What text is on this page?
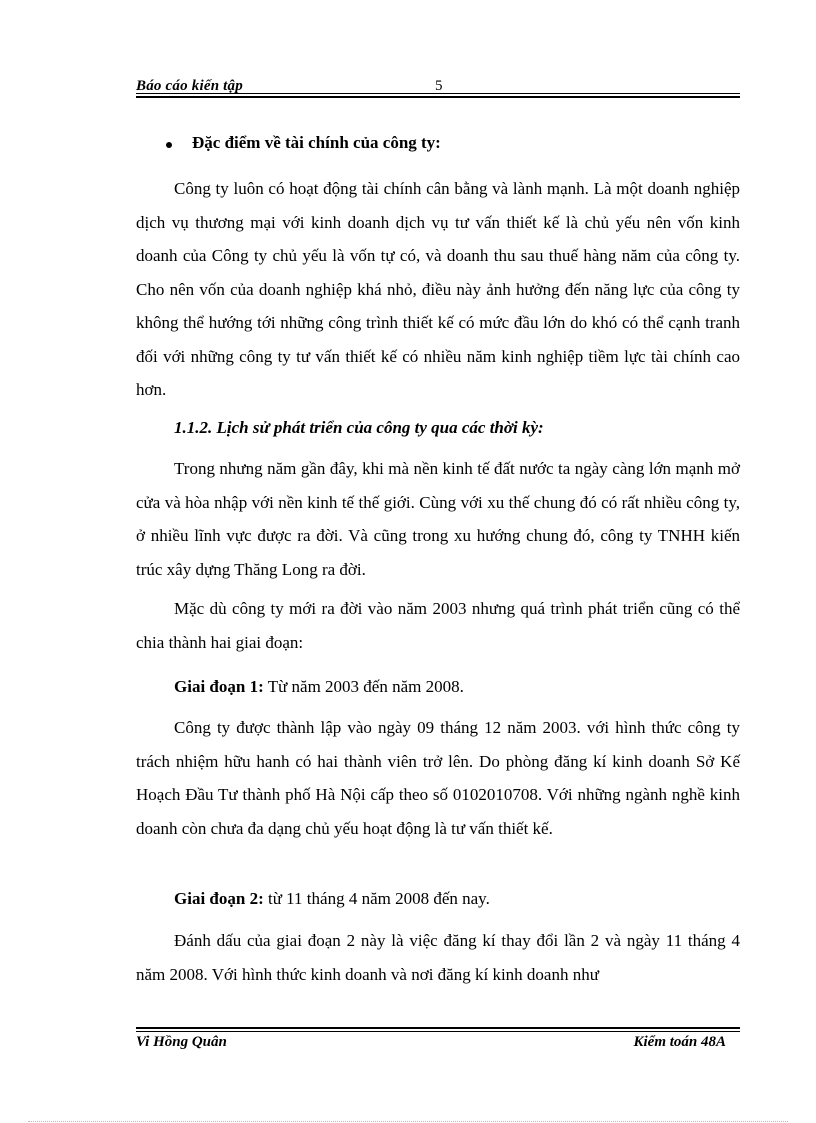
Báo cáo kiến tập	5
Đặc điểm về tài chính của công ty:
Công ty luôn có hoạt động tài chính cân bằng và lành mạnh. Là một doanh nghiệp dịch vụ thương mại với kinh doanh dịch vụ tư vấn thiết kế là chủ yếu nên vốn kinh doanh của Công ty chủ yếu là vốn tự có, và doanh thu sau thuế hàng năm của công ty. Cho nên vốn của doanh nghiệp khá nhỏ, điều này ảnh hưởng đến năng lực của công ty không thể hướng tới những công trình thiết kế có mức đầu lớn do khó có thể cạnh tranh đối với những công ty tư vấn thiết kế có nhiều năm kinh nghiệp tiềm lực tài chính cao hơn.
1.1.2. Lịch sử phát triển của công ty qua các thời kỳ:
Trong nhưng năm gần đây, khi mà nền kinh tế đất nước ta ngày càng lớn mạnh mở cửa và hòa nhập với nền kinh tế thế giới. Cùng với xu thế chung đó có rất nhiều công ty, ở nhiều lĩnh vực được ra đời. Và cũng trong xu hướng chung đó, công ty TNHH kiến trúc xây dựng Thăng Long ra đời.
Mặc dù công ty mới ra đời vào năm 2003 nhưng quá trình phát triển cũng có thể chia thành hai giai đoạn:
Giai đoạn 1: Từ năm 2003 đến năm 2008.
Công ty được thành lập vào ngày 09 tháng 12 năm 2003. với hình thức công ty trách nhiệm hữu hanh có hai thành viên trở lên. Do phòng đăng kí kinh doanh Sở Kế Hoạch Đầu Tư thành phố Hà Nội cấp theo số 0102010708. Với những ngành nghề kinh doanh còn chưa đa dạng chủ yếu hoạt động là tư vấn thiết kế.
Giai đoạn 2: từ 11 tháng 4 năm 2008 đến nay.
Đánh dấu của giai đoạn 2 này là việc đăng kí thay đổi lần 2 và ngày 11 tháng 4 năm 2008. Với hình thức kinh doanh và nơi đăng kí kinh doanh như
Vi Hồng Quân	Kiểm toán 48A
